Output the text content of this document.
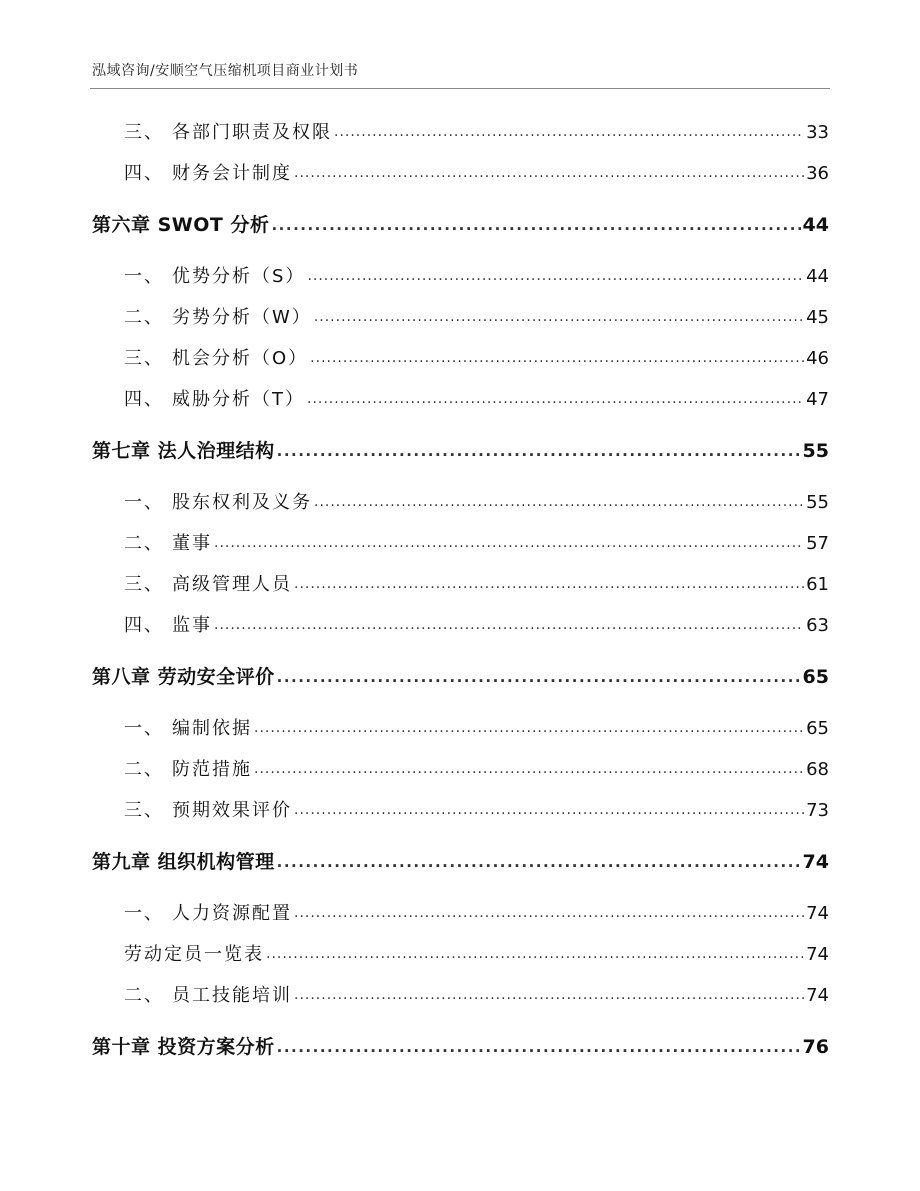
泓域咨询/安顺空气压缩机项目商业计划书
三、 各部门职责及权限 .....	33
四、 财务会计制度 .....	36
第六章 SWOT 分析 .....	44
一、 优势分析（S） .....	44
二、 劣势分析（W） .....	45
三、 机会分析（O） .....	46
四、 威胁分析（T） .....	47
第七章 法人治理结构 .....	55
一、 股东权利及义务 .....	55
二、 董事 .....	57
三、 高级管理人员 .....	61
四、 监事 .....	63
第八章 劳动安全评价 .....	65
一、 编制依据 .....	65
二、 防范措施 .....	68
三、 预期效果评价 .....	73
第九章 组织机构管理 .....	74
一、 人力资源配置 .....	74
劳动定员一览表 .....	74
二、 员工技能培训 .....	74
第十章 投资方案分析 .....	76
